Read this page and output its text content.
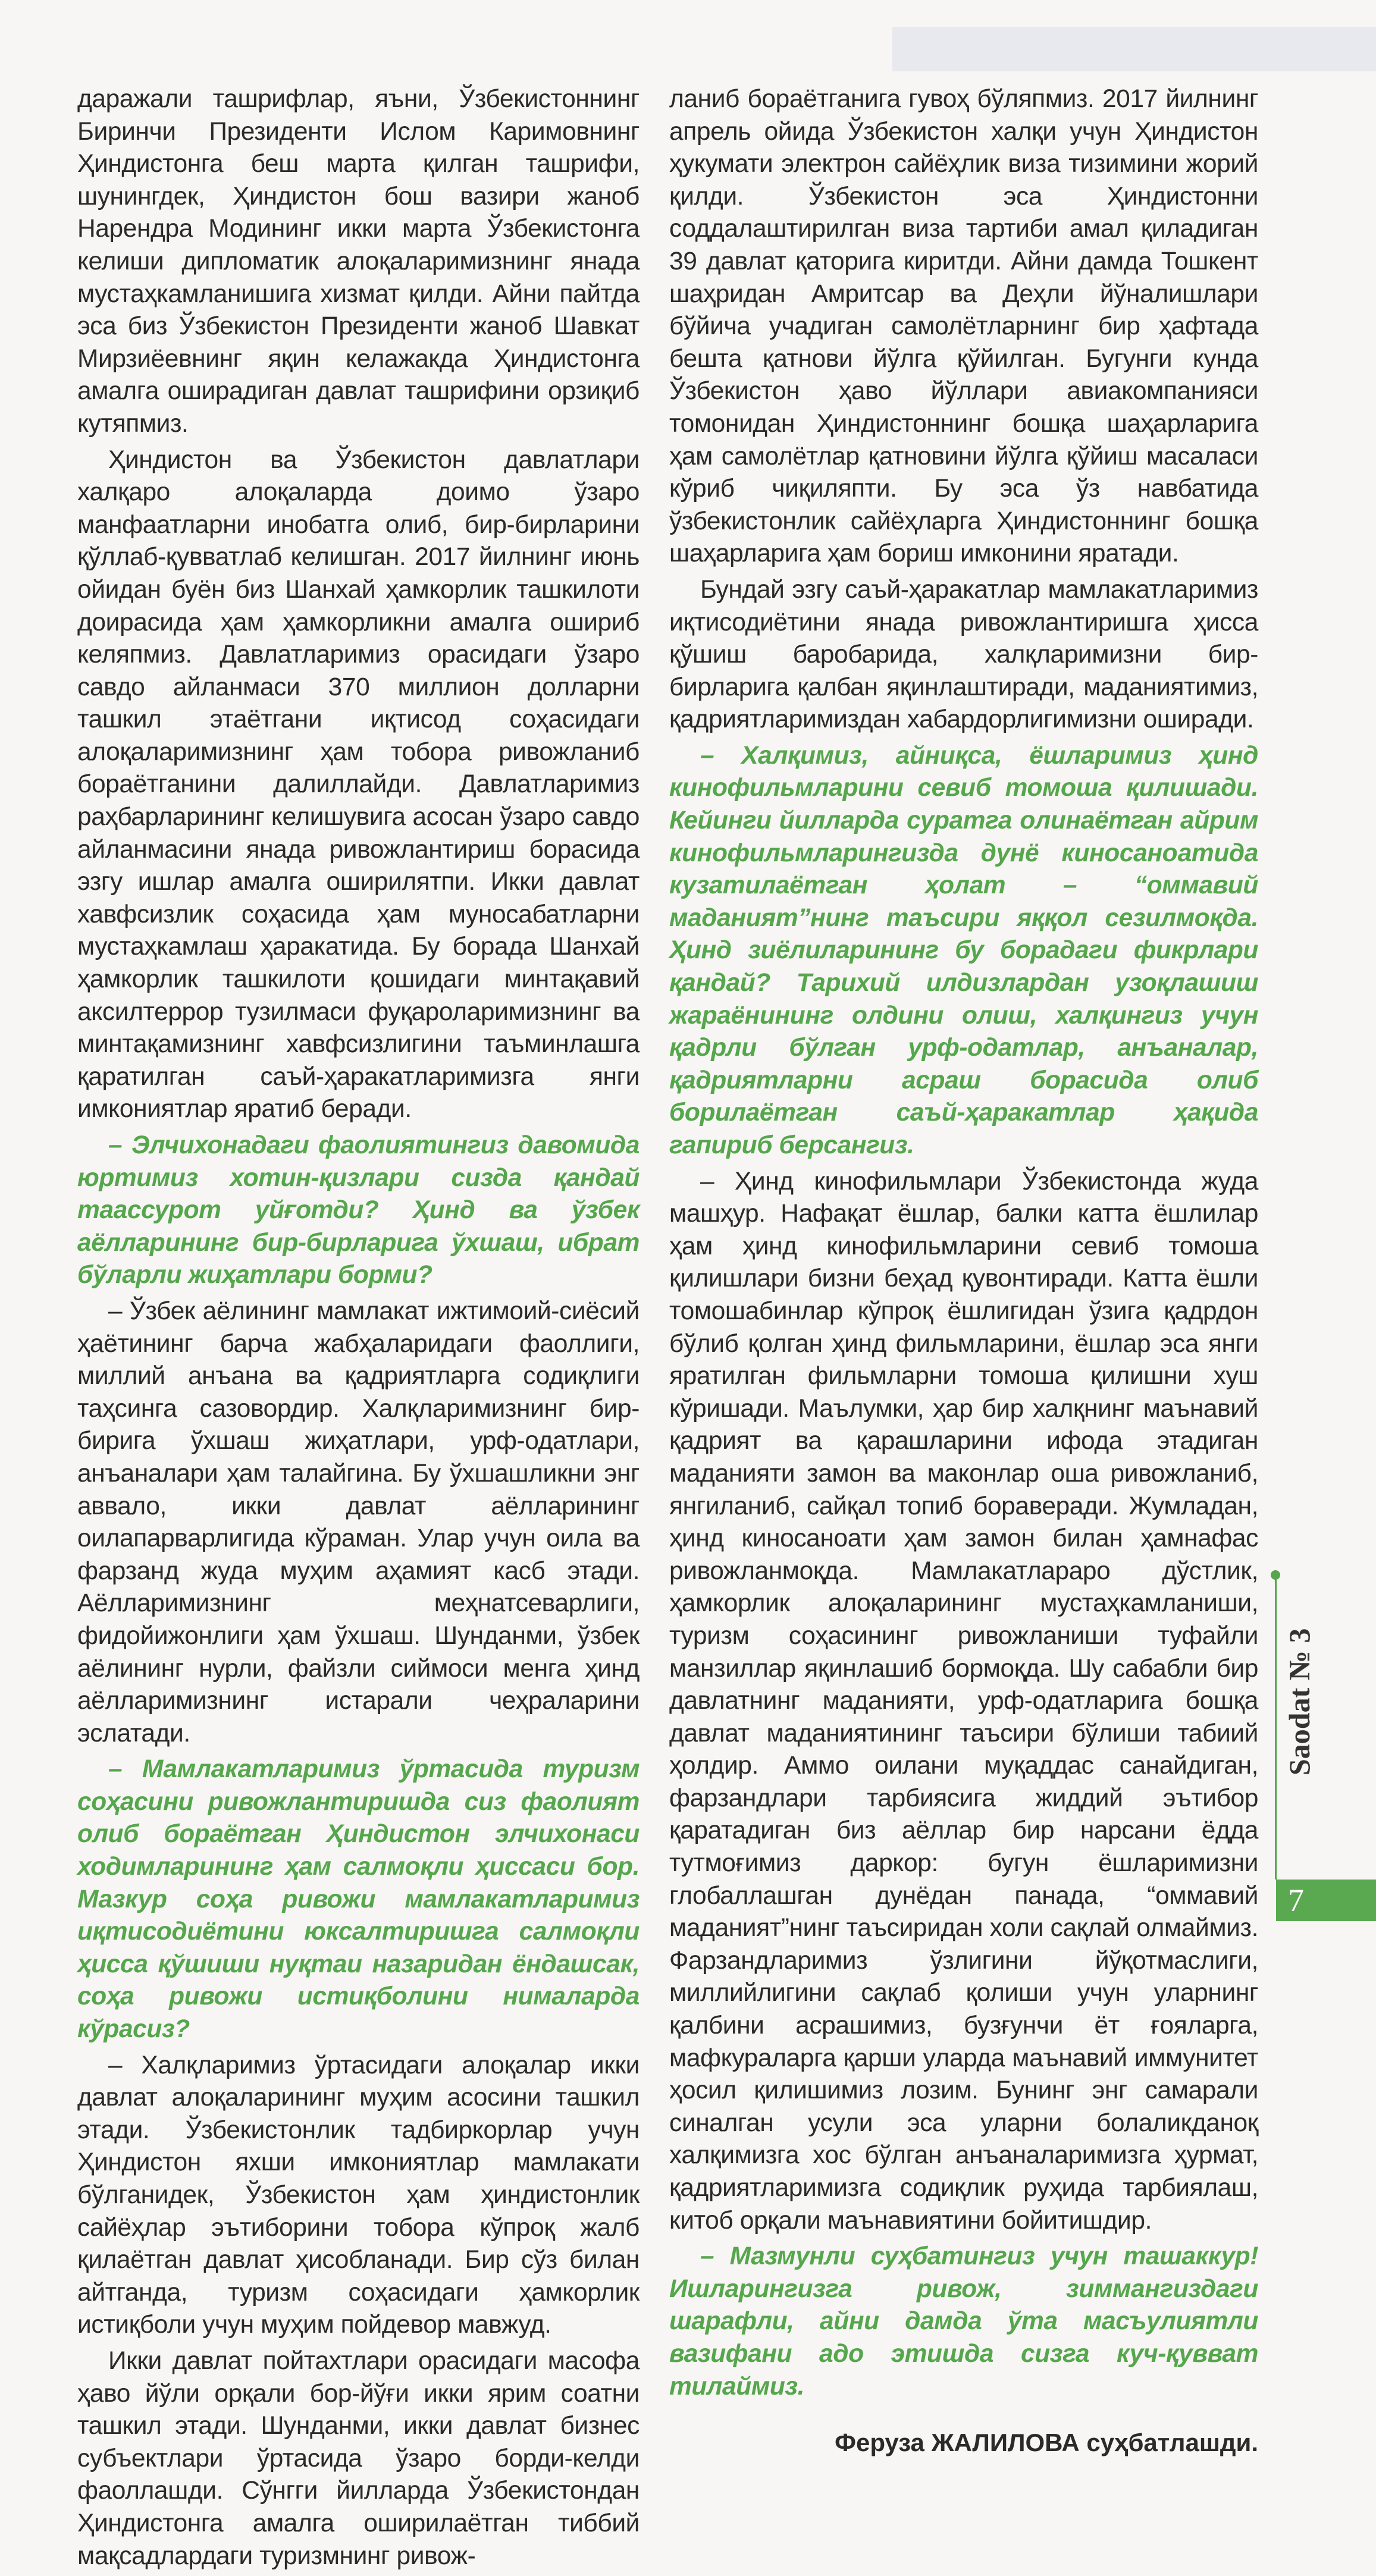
даражали ташрифлар, яъни, Ўзбекистоннинг Биринчи Президенти Ислом Каримовнинг Ҳиндистонга беш марта қилган ташрифи, шунингдек, Ҳиндистон бош вазири жаноб Нарендра Модининг икки марта Ўзбекистонга келиши дипломатик алоқаларимизнинг янада мустаҳкамланишига хизмат қилди. Айни пайтда эса биз Ўзбекистон Президенти жаноб Шавкат Мирзиёевнинг яқин келажакда Ҳиндистонга амалга оширадиган давлат ташрифини орзиқиб кутяпмиз.

Ҳиндистон ва Ўзбекистон давлатлари халқаро алоқаларда доимо ўзаро манфаатларни инобатга олиб, бир-бирларини қўллаб-қувватлаб келишган. 2017 йилнинг июнь ойидан буён биз Шанхай ҳамкорлик ташкилоти доирасида ҳам ҳамкорликни амалга ошириб келяпмиз. Давлатларимиз орасидаги ўзаро савдо айланмаси 370 миллион долларни ташкил этаётгани иқтисод соҳасидаги алоқаларимизнинг ҳам тобора ривожланиб бораётганини далиллайди. Давлатларимиз раҳбарларининг келишувига асосан ўзаро савдо айланмасини янада ривожлантириш борасида эзгу ишлар амалга оширилятпи. Икки давлат хавфсизлик соҳасида ҳам муносабатларни мустаҳкамлаш ҳаракатида. Бу борада Шанхай ҳамкорлик ташкилоти қошидаги минтақавий аксилтеррор тузилмаси фуқароларимизнинг ва минтақамизнинг хавфсизлигини таъминлашга қаратилган саъй-ҳаракатларимизга янги имкониятлар яратиб беради.

– Элчихонадаги фаолиятингиз давомида юртимиз хотин-қизлари сизда қандай таассурот уйғотди? Ҳинд ва ўзбек аёлларининг бир-бирларига ўхшаш, ибрат бўларли жиҳатлари борми?

– Ўзбек аёлининг мамлакат ижтимоий-сиёсий ҳаётининг барча жабҳаларидаги фаоллиги, миллий анъана ва қадриятларга содиқлиги таҳсинга сазовордир. Халқларимизнинг бир-бирига ўхшаш жиҳатлари, урф-одатлари, анъаналари ҳам талайгина. Бу ўхшашликни энг аввало, икки давлат аёлларининг оилапарварлигида кўраман. Улар учун оила ва фарзанд жуда муҳим аҳамият касб этади. Аёлларимизнинг меҳнатсеварлиги, фидойижонлиги ҳам ўхшаш. Шунданми, ўзбек аёлининг нурли, файзли сиймоси менга ҳинд аёлларимизнинг истарали чеҳраларини эслатади.

– Мамлакатларимиз ўртасида туризм соҳасини ривожлантиришда сиз фаолият олиб бораётган Ҳиндистон элчихонаси ходимларининг ҳам салмоқли ҳиссаси бор. Мазкур соҳа ривожи мамлакатларимиз иқтисодиётини юксалтиришга салмоқли ҳисса қўшиши нуқтаи назаридан ёндашсак, соҳа ривожи истиқболини нималарда кўрасиз?

– Халқларимиз ўртасидаги алоқалар икки давлат алоқаларининг муҳим асосини ташкил этади. Ўзбекистонлик тадбиркорлар учун Ҳиндистон яхши имкониятлар мамлакати бўлганидек, Ўзбекистон ҳам ҳиндистонлик сайёҳлар эътиборини тобора кўпроқ жалб қилаётган давлат ҳисобланади. Бир сўз билан айтганда, туризм соҳасидаги ҳамкорлик истиқболи учун муҳим пойдевор мавжуд.

Икки давлат пойтахтлари орасидаги масофа ҳаво йўли орқали бор-йўғи икки ярим соатни ташкил этади. Шунданми, икки давлат бизнес субъектлари ўртасида ўзаро борди-келди фаоллашди. Сўнгги йилларда Ўзбекистондан Ҳиндистонга амалга оширилаётган тиббий мақсадлардаги туризмнинг ривож-

ланиб бораётганига гувоҳ бўляпмиз. 2017 йилнинг апрель ойида Ўзбекистон халқи учун Ҳиндистон ҳукумати электрон сайёҳлик виза тизимини жорий қилди. Ўзбекистон эса Ҳиндистонни соддалаштирилган виза тартиби амал қиладиган 39 давлат қаторига киритди. Айни дамда Тошкент шаҳридан Амритсар ва Деҳли йўналишлари бўйича учадиган самолётларнинг бир ҳафтада бешта қатнови йўлга қўйилган. Бугунги кунда Ўзбекистон ҳаво йўллари авиакомпанияси томонидан Ҳиндистоннинг бошқа шаҳарларига ҳам самолётлар қатновини йўлга қўйиш масаласи кўриб чиқиляпти. Бу эса ўз навбатида ўзбекистонлик сайёҳларга Ҳиндистоннинг бошқа шаҳарларига ҳам бориш имконини яратади.

Бундай эзгу саъй-ҳаракатлар мамлакатларимиз иқтисодиётини янада ривожлантиришга ҳисса қўшиш баробарида, халқларимизни бир-бирларига қалбан яқинлаштиради, маданиятимиз, қадриятларимиздан хабардорлигимизни оширади.

– Халқимиз, айниқса, ёшларимиз ҳинд кинофильмларини севиб томоша қилишади. Кейинги йилларда суратга олинаётган айрим кинофильмларингизда дунё киносаноатида кузатилаётган ҳолат – “оммавий маданият”нинг таъсири яққол сезилмоқда. Ҳинд зиёлиларининг бу борадаги фикрлари қандай? Тарихий илдизлардан узоқлашиш жараёнининг олдини олиш, халқингиз учун қадрли бўлган урф-одатлар, анъаналар, қадриятларни асраш борасида олиб борилаётган саъй-ҳаракатлар ҳақида гапириб берсангиз.

– Ҳинд кинофильмлари Ўзбекистонда жуда машҳур. Нафақат ёшлар, балки катта ёшлилар ҳам ҳинд кинофильмларини севиб томоша қилишлари бизни беҳад қувонтиради. Катта ёшли томошабинлар кўпроқ ёшлигидан ўзига қадрдон бўлиб қолган ҳинд фильмларини, ёшлар эса янги яратилган фильмларни томоша қилишни хуш кўришади. Маълумки, ҳар бир халқнинг маънавий қадрият ва қарашларини ифода этадиган маданияти замон ва маконлар оша ривожланиб, янгиланиб, сайқал топиб бораверади. Жумладан, ҳинд киносаноати ҳам замон билан ҳамнафас ривожланмоқда. Мамлакатлараро дўстлик, ҳамкорлик алоқаларининг мустаҳкамланиши, туризм соҳасининг ривожланиши туфайли манзиллар яқинлашиб бормоқда. Шу сабабли бир давлатнинг маданияти, урф-одатларига бошқа давлат маданиятининг таъсири бўлиши табиий ҳолдир. Аммо оилани муқаддас санайдиган, фарзандлари тарбиясига жиддий эътибор қаратадиган биз аёллар бир нарсани ёдда тутмоғимиз даркор: бугун ёшларимизни глобаллашган дунёдан панада, “оммавий маданият”нинг таъсиридан холи сақлай олмаймиз. Фарзандларимиз ўзлигини йўқотмаслиги, миллийлигини сақлаб қолиши учун уларнинг қалбини асрашимиз, бузғунчи ёт ғояларга, мафкураларга қарши уларда маънавий иммунитет ҳосил қилишимиз лозим. Бунинг энг самарали синалган усули эса уларни болаликданоқ халқимизга хос бўлган анъаналаримизга ҳурмат, қадриятларимизга содиқлик руҳида тарбиялаш, китоб орқали маънавиятини бойитишдир.

– Мазмунли суҳбатингиз учун ташаккур! Ишларингизга ривож, зиммангиздаги шарафли, айни дамда ўта масъулиятли вазифани адо этишда сизга куч-қувват тилаймиз.

Феруза ЖАЛИЛОВА суҳбатлашди.
Saodat № 3
7
